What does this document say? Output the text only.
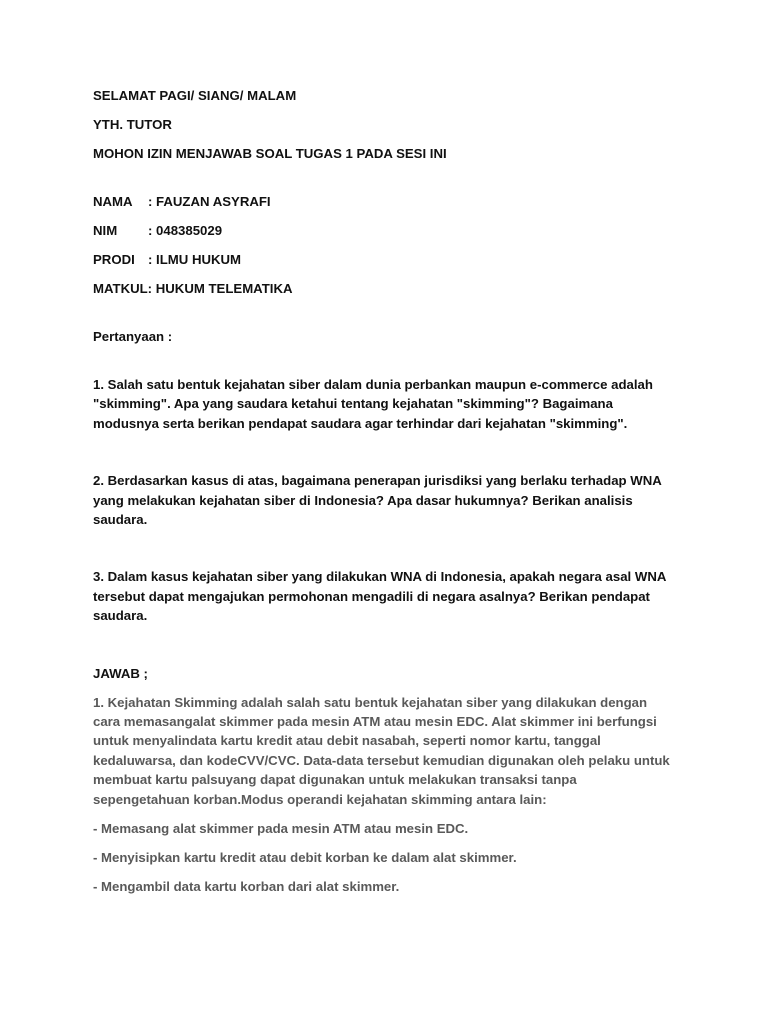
SELAMAT PAGI/ SIANG/ MALAM
YTH. TUTOR
MOHON IZIN MENJAWAB SOAL TUGAS 1 PADA SESI INI
NAMA	: FAUZAN ASYRAFI
NIM	: 048385029
PRODI	: ILMU HUKUM
MATKUL: HUKUM TELEMATIKA
Pertanyaan :
1. Salah satu bentuk kejahatan siber dalam dunia perbankan maupun e-commerce adalah "skimming". Apa yang saudara ketahui tentang kejahatan "skimming"? Bagaimana modusnya serta berikan pendapat saudara agar terhindar dari kejahatan "skimming".
2. Berdasarkan kasus di atas, bagaimana penerapan jurisdiksi yang berlaku terhadap WNA yang melakukan kejahatan siber di Indonesia? Apa dasar hukumnya? Berikan analisis saudara.
3. Dalam kasus kejahatan siber yang dilakukan WNA di Indonesia, apakah negara asal WNA tersebut dapat mengajukan permohonan mengadili di negara asalnya? Berikan pendapat saudara.
JAWAB ;
1. Kejahatan Skimming adalah salah satu bentuk kejahatan siber yang dilakukan dengan cara memasangalat skimmer pada mesin ATM atau mesin EDC. Alat skimmer ini berfungsi untuk menyalindata kartu kredit atau debit nasabah, seperti nomor kartu, tanggal kedaluwarsa, dan kodeCVV/CVC. Data-data tersebut kemudian digunakan oleh pelaku untuk membuat kartu palsuyang dapat digunakan untuk melakukan transaksi tanpa sepengetahuan korban.Modus operandi kejahatan skimming antara lain:
- Memasang alat skimmer pada mesin ATM atau mesin EDC.
- Menyisipkan kartu kredit atau debit korban ke dalam alat skimmer.
- Mengambil data kartu korban dari alat skimmer.
